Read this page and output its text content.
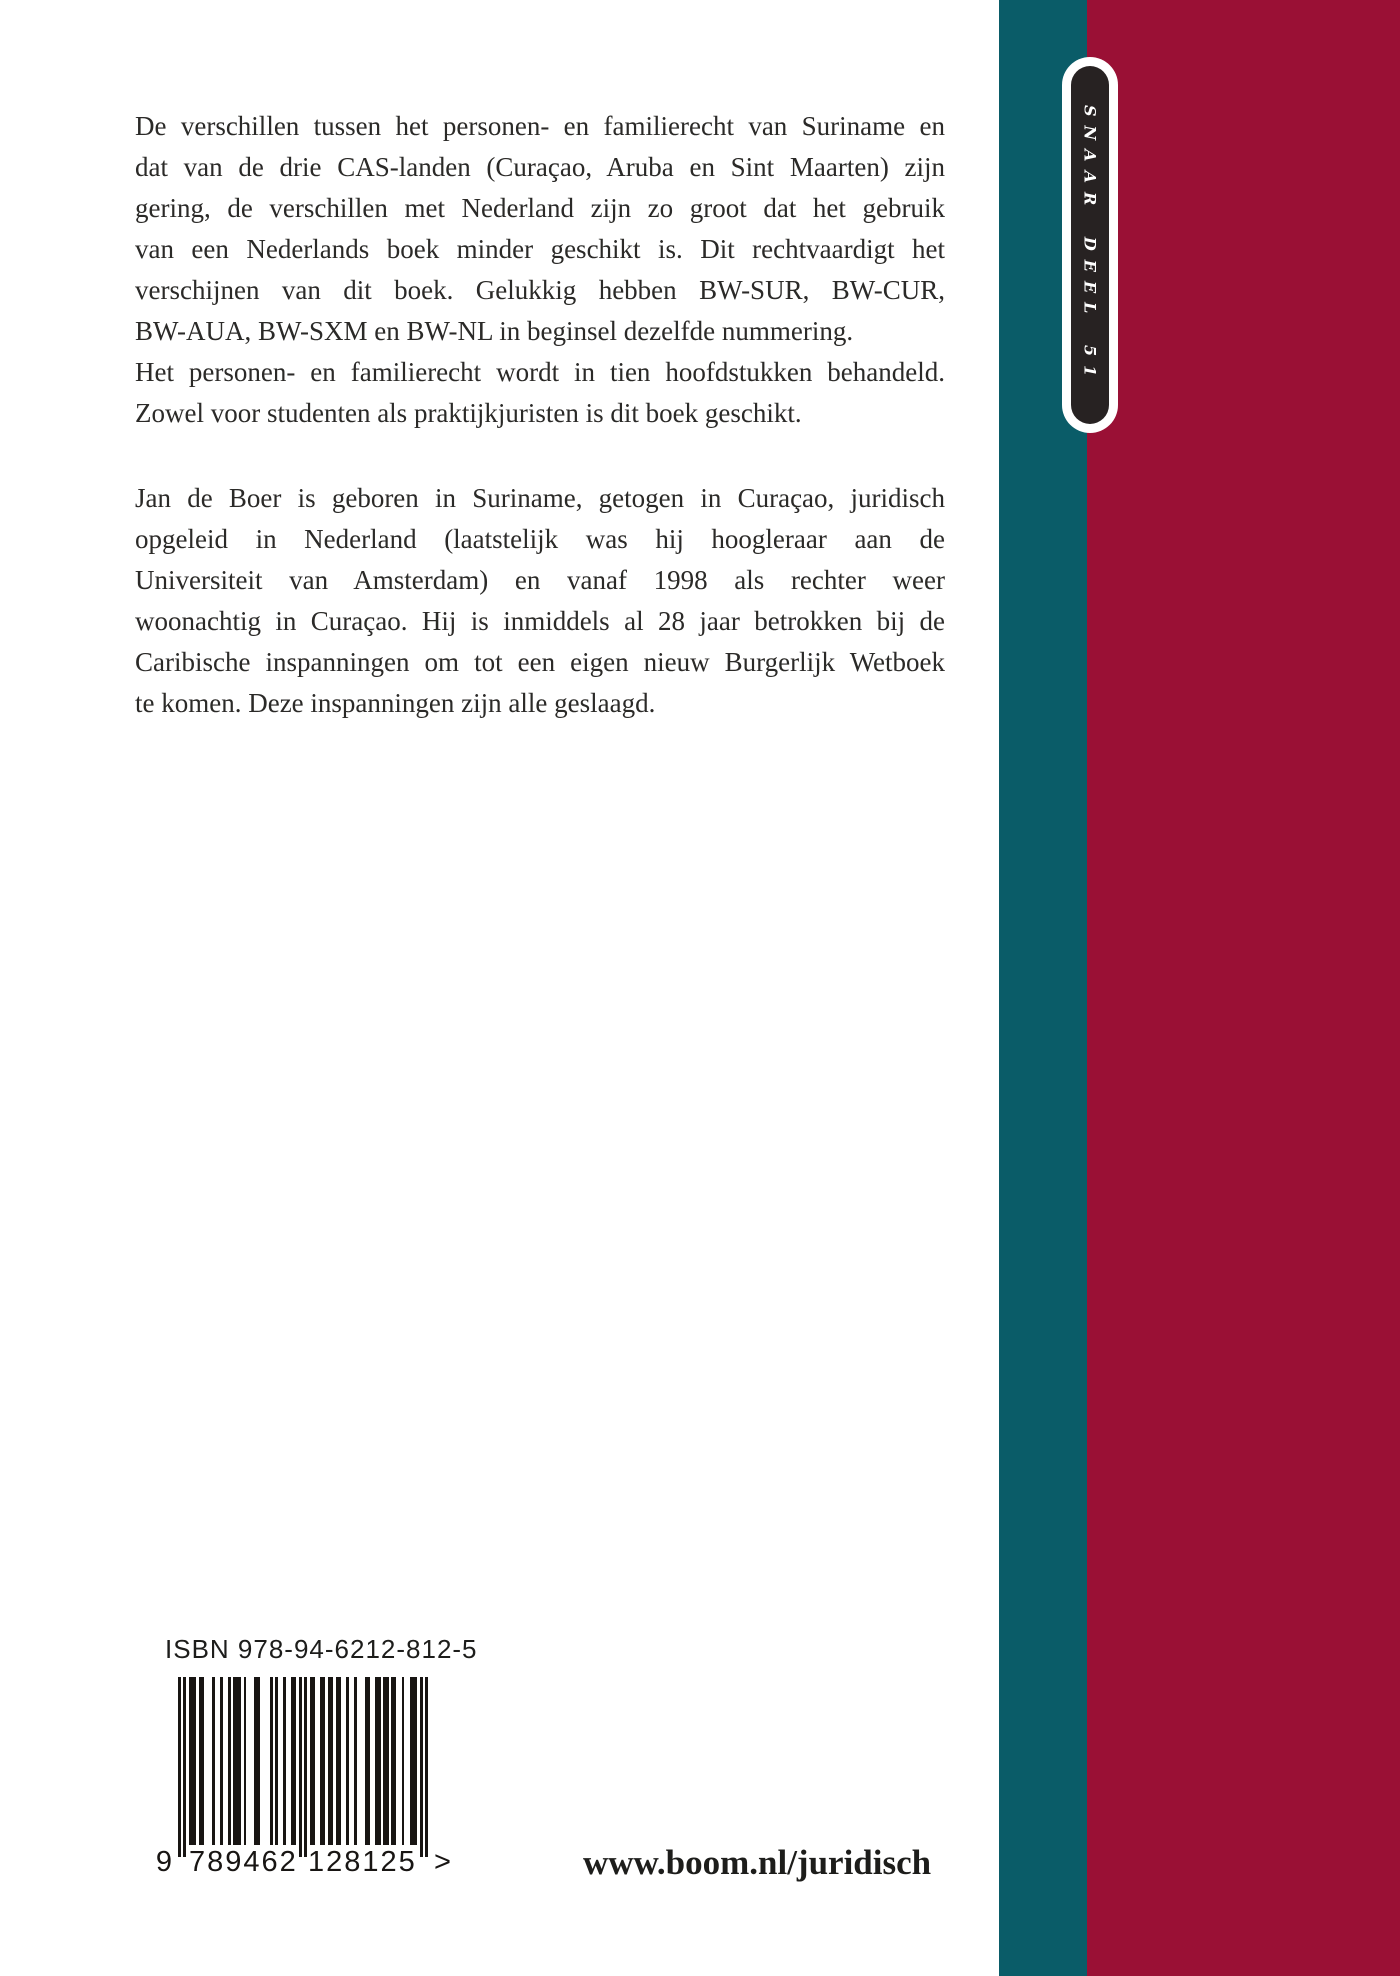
De verschillen tussen het personen- en familierecht van Suriname en
dat van de drie CAS-landen (Curaçao, Aruba en Sint Maarten) zijn
gering, de verschillen met Nederland zijn zo groot dat het gebruik
van een Nederlands boek minder geschikt is. Dit rechtvaardigt het
verschijnen van dit boek. Gelukkig hebben BW-SUR, BW-CUR,
BW-AUA, BW-SXM en BW-NL in beginsel dezelfde nummering.
Het personen- en familierecht wordt in tien hoofdstukken behandeld.
Zowel voor studenten als praktijkjuristen is dit boek geschikt.
Jan de Boer is geboren in Suriname, getogen in Curaçao, juridisch
opgeleid in Nederland (laatstelijk was hij hoogleraar aan de
Universiteit van Amsterdam) en vanaf 1998 als rechter weer
woonachtig in Curaçao. Hij is inmiddels al 28 jaar betrokken bij de
Caribische inspanningen om tot een eigen nieuw Burgerlijk Wetboek
te komen. Deze inspanningen zijn alle geslaagd.
SNAAR DEEL 51
ISBN 978-94-6212-812-5
9 789462 128125 >	www.boom.nl/juridisch
